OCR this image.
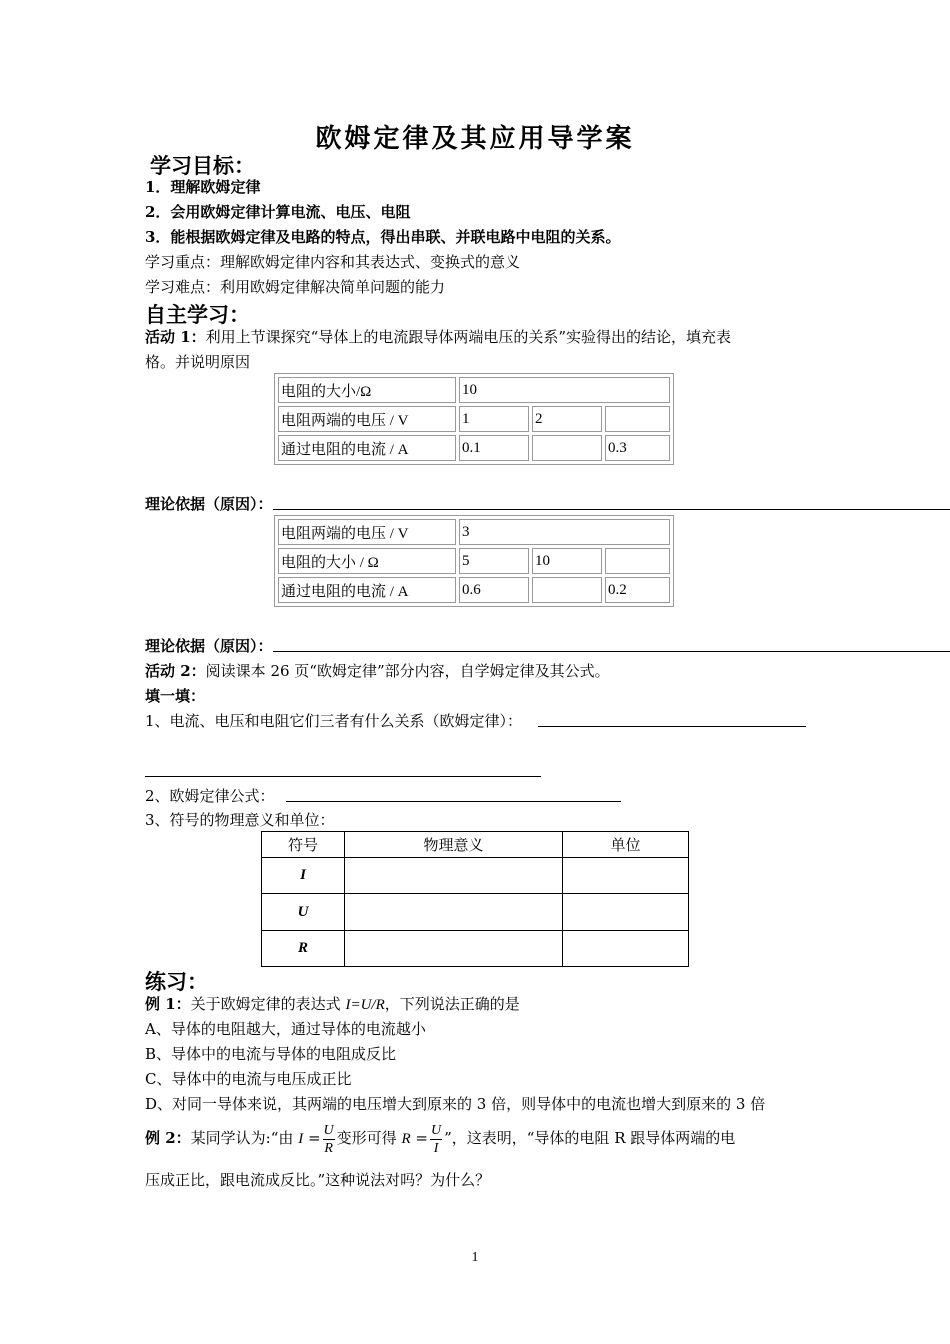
欧姆定律及其应用导学案
学习目标：
1．理解欧姆定律
2．会用欧姆定律计算电流、电压、电阻
3．能根据欧姆定律及电路的特点，得出串联、并联电路中电阻的关系。
学习重点：理解欧姆定律内容和其表达式、变换式的意义
学习难点：利用欧姆定律解决简单问题的能力
自主学习：
活动 1：利用上节课探究“导体上的电流跟导体两端电压的关系”实验得出的结论，填充表
格。并说明原因
电阻的大小/Ω	10		
电阻两端的电压 / V	1	2	
通过电阻的电流 / A	0.1		0.3
理论依据（原因）：
电阻两端的电压 / V	3		
电阻的大小 / Ω	5	10	
通过电阻的电流 / A	0.6		0.2
理论依据（原因）：
活动 2：阅读课本 26 页“欧姆定律”部分内容，自学姆定律及其公式。
填一填：
1、电流、电压和电阻它们三者有什么关系（欧姆定律）：
2、欧姆定律公式：
3、符号的物理意义和单位：
符号	物理意义	单位
I		
U		
R		
练习：
例 1：关于欧姆定律的表达式 I=U/R，下列说法正确的是
A、导体的电阻越大，通过导体的电流越小
B、导体中的电流与导体的电阻成反比
C、导体中的电流与电压成正比
D、对同一导体来说，其两端的电压增大到原来的 3 倍，则导体中的电流也增大到原来的 3 倍
例 2：某同学认为:“由 $I = \frac{U}{R}$ 变形可得 $R = \frac{U}{I}$ ”，这表明，“导体的电阻 R 跟导体两端的电
压成正比，跟电流成反比。”这种说法对吗？为什么？
1
